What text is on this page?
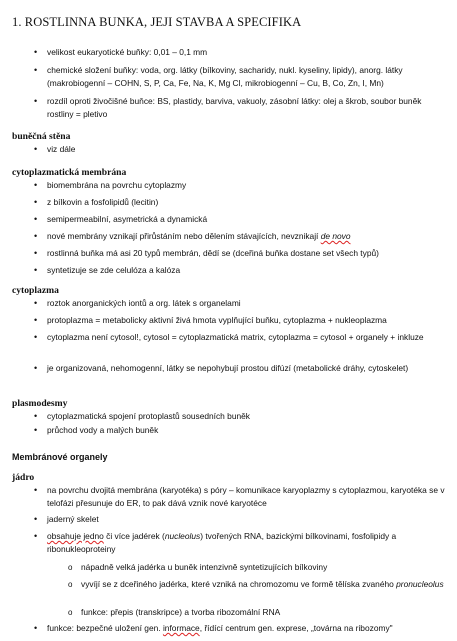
1. ROSTLINNA BUNKA, JEJI STAVBA A SPECIFIKA
• velikost eukaryotické buňky: 0,01 – 0,1 mm
• chemické složení buňky: voda, org. látky (bílkoviny, sacharidy, nukl. kyseliny, lipidy), anorg. látky (makrobiogenní – COHN, S, P, Ca, Fe, Na, K, Mg Cl, mikrobiogenní – Cu, B, Co, Zn, I, Mn)
• rozdíl oproti živočišné buňce: BS, plastidy, barviva, vakuoly, zásobní látky: olej a škrob, soubor buněk rostliny = pletivo
buněčná stěna
• viz dále
cytoplazmatická membrána
• biomembrána na povrchu cytoplazmy
• z bílkovin a fosfolipidů (lecitin)
• semipermeabilní, asymetrická a dynamická
• nové membrány vznikají přirůstáním nebo dělením stávajících, nevznikají de novo
• rostlinná buňka má asi 20 typů membrán, dědí se (dceřiná buňka dostane set všech typů)
• syntetizuje se zde celulóza a kalóza
cytoplazma
• roztok anorganických iontů a org. látek s organelami
• protoplazma = metabolicky aktivní živá hmota vyplňující buňku, cytoplazma + nukleoplazma
• cytoplazma není cytosol!, cytosol = cytoplazmatická matrix, cytoplazma = cytosol + organely + inkluze
• je organizovaná, nehomogenní, látky se nepohybují prostou difúzí (metabolické dráhy, cytoskelet)
plasmodesmy
• cytoplazmatická spojení protoplastů sousedních buněk
• průchod vody a malých buněk
Membránové organely
jádro
• na povrchu dvojitá membrána (karyotéka) s póry – komunikace karyoplazmy s cytoplazmou, karyotéka se v telofázi přesunuje do ER, to pak dává vznik nové karyotéce
• jaderný skelet
• obsahuje jedno či více jadérek (nucleolus) tvořených RNA, bazickými bílkovinami, fosfolipidy a ribonukleoproteiny
o nápadně velká jadérka u buněk intenzivně syntetizujících bílkoviny
o vyvíjí se z dceřiného jadérka, které vzniká na chromozomu ve formě tělíska zvaného pronucleolus
o funkce: přepis (transkripce) a tvorba ribozomální RNA
• funkce: bezpečné uložení gen. informace, řídící centrum gen. exprese, „továrna na ribozomy"
